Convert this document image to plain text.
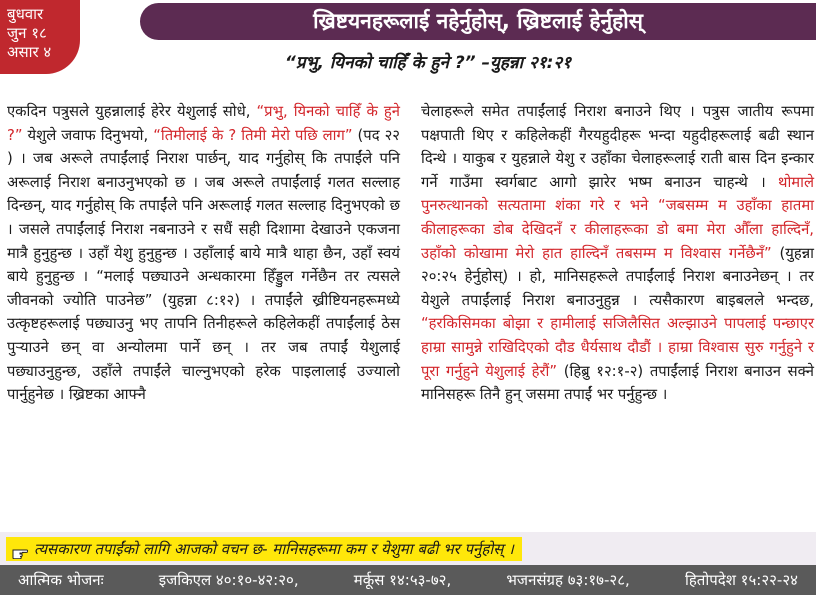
बुधवार
जुन १८
असार ४
ख्रिष्टयनहरूलाई नहेर्नुहोस्, ख्रिष्टलाई हेर्नुहोस्
“प्रभु, यिनको चाहिँ के हुने ?” –युहन्ना २१:२१
एकदिन पत्रुसले युहन्नालाई हेरेर येशुलाई सोधे, “प्रभु, यिनको चाहिँ के हुने ?” येशुले जवाफ दिनुभयो, “तिमीलाई के ? तिमी मेरो पछि लाग” (पद २२ ) । जब अरूले तपाईंलाई निराश पार्छन्, याद गर्नुहोस् कि तपाईंले पनि अरूलाई निराश बनाउनुभएको छ । जब अरूले तपाईंलाई गलत सल्लाह दिन्छन्, याद गर्नुहोस् कि तपाईंले पनि अरूलाई गलत सल्लाह दिनुभएको छ । जसले तपाईंलाई निराश नबनाउने र सधैं सही दिशामा देखाउने एकजना मात्रै हुनुहुन्छ । उहाँ येशु हुनुहुन्छ । उहाँलाई बाये मात्रै थाहा छैन, उहाँ स्वयं बाये हुनुहुन्छ । “मलाई पछ्याउने अन्धकारमा हिँड्डुल गर्नेछैन तर त्यसले जीवनको ज्योति पाउनेछ” (युहन्ना ८:१२) । तपाईंले ख्रीष्टियनहरूमध्ये उत्कृष्टहरूलाई पछ्याउनु भए तापनि तिनीहरूले कहिलेकहीं तपाईंलाई ठेस पुऱ्याउने छन् वा अन्योलमा पार्ने छन् । तर जब तपाईं येशुलाई पछ्याउनुहुन्छ, उहाँले तपाईंले चाल्नुभएको हरेक पाइलालाई उज्यालो पार्नुहुनेछ । ख्रिष्टका आफ्नै
चेलाहरूले समेत तपाईंलाई निराश बनाउने थिए । पत्रुस जातीय रूपमा पक्षपाती थिए र कहिलेकहीं गैरयहुदीहरू भन्दा यहुदीहरूलाई बढी स्थान दिन्थे । याकुब र युहन्नाले येशु र उहाँका चेलाहरूलाई राती बास दिन इन्कार गर्ने गाउँमा स्वर्गबाट आगो झारेर भष्म बनाउन चाहन्थे । थोमाले पुनरुत्थानको सत्यतामा शंका गरे र भने “जबसम्म म उहाँका हातमा कीलाहरूका डोब देखिदनँ र कीलाहरूका डो बमा मेरा औँला हाल्दिनँ, उहाँको कोखामा मेरो हात हाल्दिनँ तबसम्म म विश्वास गर्नेछैनँ” (युहन्ना २०:२५ हेर्नुहोस्) । हो, मानिसहरूले तपाईंलाई निराश बनाउनेछन् । तर येशुले तपाईंलाई निराश बनाउनुहुन्न । त्यसैकारण बाइबलले भन्दछ, “हरकिसिमका बोझा र हामीलाई सजिलैसित अल्झाउने पापलाई पन्छाएर हाम्रा सामुन्ने राखिदिएको दौड धैर्यसाथ दौडौं । हाम्रा विश्वास सुरु गर्नुहुने र पूरा गर्नुहुने येशुलाई हेरौं” (हिब्रु १२:१-२) तपाईंलाई निराश बनाउन सक्ने मानिसहरू तिनै हुन् जसमा तपाईं भर पर्नुहुन्छ ।
त्यसकारण तपाईंको लागि आजको वचन छ- मानिसहरूमा कम र येशुमा बढी भर पर्नुहोस् ।
आत्मिक भोजनः	इजकिएल ४०:१०-४२:२०,	मर्कूस १४:५३-७२,	भजनसंग्रह ७३:१७-२८,	हितोपदेश १५:२२-२४
